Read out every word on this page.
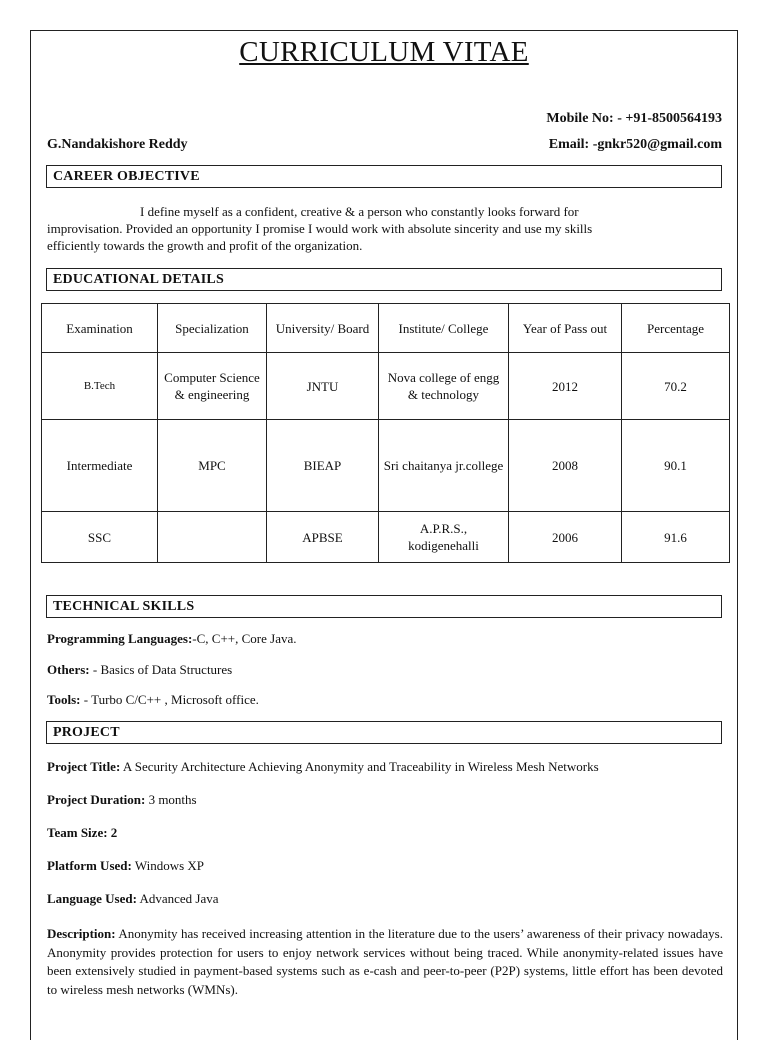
CURRICULUM VITAE
Mobile No: - +91-8500564193
G.Nandakishore Reddy	Email: -gnkr520@gmail.com
CAREER OBJECTIVE
I define myself as a confident, creative & a person who constantly looks forward for
improvisation. Provided an opportunity I promise I would work with absolute sincerity and use my skills
efficiently towards the growth and profit of the organization.
EDUCATIONAL DETAILS
Examination	Specialization	University/ Board	Institute/ College	Year of Pass out	Percentage
B.Tech	Computer Science & engineering	JNTU	Nova college of engg & technology	2012	70.2
Intermediate	MPC	BIEAP	Sri chaitanya jr.college	2008	90.1
SSC		APBSE	A.P.R.S., kodigenehalli	2006	91.6
TECHNICAL SKILLS
Programming Languages:-C, C++, Core Java.
Others: - Basics of Data Structures
Tools: - Turbo C/C++ , Microsoft office.
PROJECT
Project Title: A Security Architecture Achieving Anonymity and Traceability in Wireless Mesh Networks
Project Duration: 3 months
Team Size: 2
Platform Used: Windows XP
Language Used: Advanced Java
Description: Anonymity has received increasing attention in the literature due to the users’ awareness of their privacy nowadays. Anonymity provides protection for users to enjoy network services without being traced. While anonymity-related issues have been extensively studied in payment-based systems such as e-cash and peer-to-peer (P2P) systems, little effort has been devoted to wireless mesh networks (WMNs).
